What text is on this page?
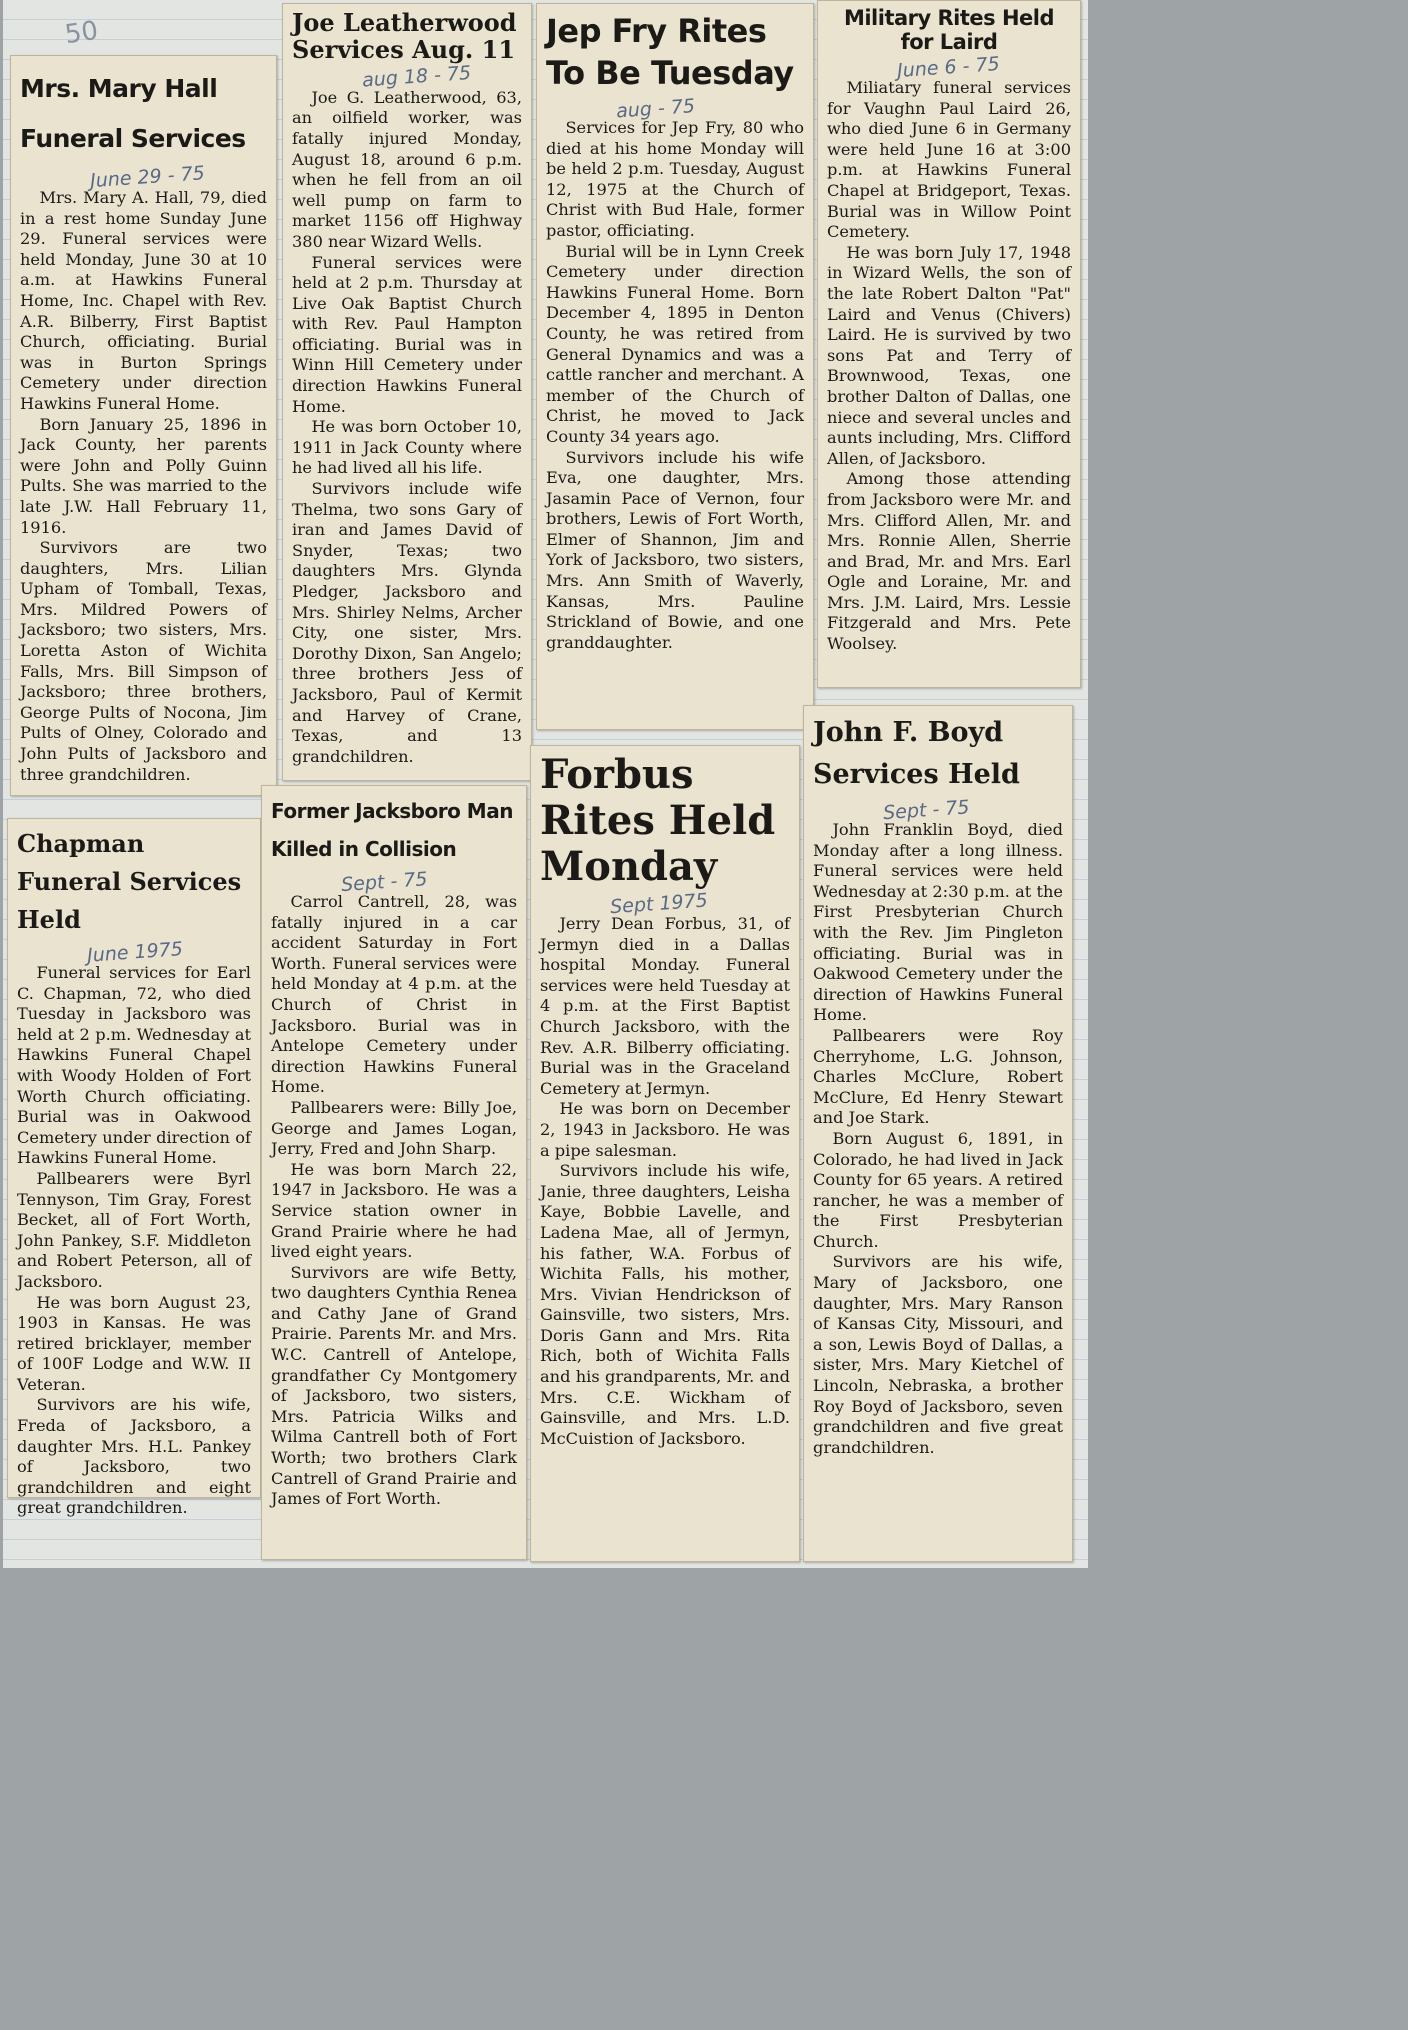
50
Mrs. Mary Hall Funeral Services
June 29 - 75

Mrs. Mary A. Hall, 79, died in a rest home Sunday June 29. Funeral services were held Monday, June 30 at 10 a.m. at Hawkins Funeral Home, Inc. Chapel with Rev. A.R. Bilberry, First Baptist Church, officiating. Burial was in Burton Springs Cemetery under direction Hawkins Funeral Home.

Born January 25, 1896 in Jack County, her parents were John and Polly Guinn Pults. She was married to the late J.W. Hall February 11, 1916.

Survivors are two daughters, Mrs. Lilian Upham of Tomball, Texas, Mrs. Mildred Powers of Jacksboro; two sisters, Mrs. Loretta Aston of Wichita Falls, Mrs. Bill Simpson of Jacksboro; three brothers, George Pults of Nocona, Jim Pults of Olney, Colorado and John Pults of Jacksboro and three grandchildren.

Joe Leatherwood Services Aug. 11
aug 18 - 75

Joe G. Leatherwood, 63, an oilfield worker, was fatally injured Monday, August 18, around 6 p.m. when he fell from an oil well pump on farm to market 1156 off Highway 380 near Wizard Wells.

Funeral services were held at 2 p.m. Thursday at Live Oak Baptist Church with Rev. Paul Hampton officiating. Burial was in Winn Hill Cemetery under direction Hawkins Funeral Home.

He was born October 10, 1911 in Jack County where he had lived all his life.

Survivors include wife Thelma, two sons Gary of iran and James David of Snyder, Texas; two daughters Mrs. Glynda Pledger, Jacksboro and Mrs. Shirley Nelms, Archer City, one sister, Mrs. Dorothy Dixon, San Angelo; three brothers Jess of Jacksboro, Paul of Kermit and Harvey of Crane, Texas, and 13 grandchildren.

Jep Fry Rites To Be Tuesday
aug - 75

Services for Jep Fry, 80 who died at his home Monday will be held 2 p.m. Tuesday, August 12, 1975 at the Church of Christ with Bud Hale, former pastor, officiating.

Burial will be in Lynn Creek Cemetery under direction Hawkins Funeral Home. Born December 4, 1895 in Denton County, he was retired from General Dynamics and was a cattle rancher and merchant. A member of the Church of Christ, he moved to Jack County 34 years ago.

Survivors include his wife Eva, one daughter, Mrs. Jasamin Pace of Vernon, four brothers, Lewis of Fort Worth, Elmer of Shannon, Jim and York of Jacksboro, two sisters, Mrs. Ann Smith of Waverly, Kansas, Mrs. Pauline Strickland of Bowie, and one granddaughter.

Military Rites Held for Laird
June 6 - 75

Miliatary funeral services for Vaughn Paul Laird 26, who died June 6 in Germany were held June 16 at 3:00 p.m. at Hawkins Funeral Chapel at Bridgeport, Texas. Burial was in Willow Point Cemetery.

He was born July 17, 1948 in Wizard Wells, the son of the late Robert Dalton "Pat" Laird and Venus (Chivers) Laird. He is survived by two sons Pat and Terry of Brownwood, Texas, one brother Dalton of Dallas, one niece and several uncles and aunts including, Mrs. Clifford Allen, of Jacksboro.

Among those attending from Jacksboro were Mr. and Mrs. Clifford Allen, Mr. and Mrs. Ronnie Allen, Sherrie and Brad, Mr. and Mrs. Earl Ogle and Loraine, Mr. and Mrs. J.M. Laird, Mrs. Lessie Fitzgerald and Mrs. Pete Woolsey.

Chapman Funeral Services Held
June 1975

Funeral services for Earl C. Chapman, 72, who died Tuesday in Jacksboro was held at 2 p.m. Wednesday at Hawkins Funeral Chapel with Woody Holden of Fort Worth Church officiating. Burial was in Oakwood Cemetery under direction of Hawkins Funeral Home.

Pallbearers were Byrl Tennyson, Tim Gray, Forest Becket, all of Fort Worth, John Pankey, S.F. Middleton and Robert Peterson, all of Jacksboro.

He was born August 23, 1903 in Kansas. He was retired bricklayer, member of 100F Lodge and W.W. II Veteran.

Survivors are his wife, Freda of Jacksboro, a daughter Mrs. H.L. Pankey of Jacksboro, two grandchildren and eight great grandchildren.

Former Jacksboro Man Killed in Collision
Sept - 75

Carrol Cantrell, 28, was fatally injured in a car accident Saturday in Fort Worth. Funeral services were held Monday at 4 p.m. at the Church of Christ in Jacksboro. Burial was in Antelope Cemetery under direction Hawkins Funeral Home.

Pallbearers were: Billy Joe, George and James Logan, Jerry, Fred and John Sharp.

He was born March 22, 1947 in Jacksboro. He was a Service station owner in Grand Prairie where he had lived eight years.

Survivors are wife Betty, two daughters Cynthia Renea and Cathy Jane of Grand Prairie. Parents Mr. and Mrs. W.C. Cantrell of Antelope, grandfather Cy Montgomery of Jacksboro, two sisters, Mrs. Patricia Wilks and Wilma Cantrell both of Fort Worth; two brothers Clark Cantrell of Grand Prairie and James of Fort Worth.

Forbus Rites Held Monday
Sept 1975

Jerry Dean Forbus, 31, of Jermyn died in a Dallas hospital Monday. Funeral services were held Tuesday at 4 p.m. at the First Baptist Church Jacksboro, with the Rev. A.R. Bilberry officiating. Burial was in the Graceland Cemetery at Jermyn.

He was born on December 2, 1943 in Jacksboro. He was a pipe salesman.

Survivors include his wife, Janie, three daughters, Leisha Kaye, Bobbie Lavelle, and Ladena Mae, all of Jermyn, his father, W.A. Forbus of Wichita Falls, his mother, Mrs. Vivian Hendrickson of Gainsville, two sisters, Mrs. Doris Gann and Mrs. Rita Rich, both of Wichita Falls and his grandparents, Mr. and Mrs. C.E. Wickham of Gainsville, and Mrs. L.D. McCuistion of Jacksboro.

John F. Boyd Services Held
Sept - 75

John Franklin Boyd, died Monday after a long illness. Funeral services were held Wednesday at 2:30 p.m. at the First Presbyterian Church with the Rev. Jim Pingleton officiating. Burial was in Oakwood Cemetery under the direction of Hawkins Funeral Home.

Pallbearers were Roy Cherryhome, L.G. Johnson, Charles McClure, Robert McClure, Ed Henry Stewart and Joe Stark.

Born August 6, 1891, in Colorado, he had lived in Jack County for 65 years. A retired rancher, he was a member of the First Presbyterian Church.

Survivors are his wife, Mary of Jacksboro, one daughter, Mrs. Mary Ranson of Kansas City, Missouri, and a son, Lewis Boyd of Dallas, a sister, Mrs. Mary Kietchel of Lincoln, Nebraska, a brother Roy Boyd of Jacksboro, seven grandchildren and five great grandchildren.
